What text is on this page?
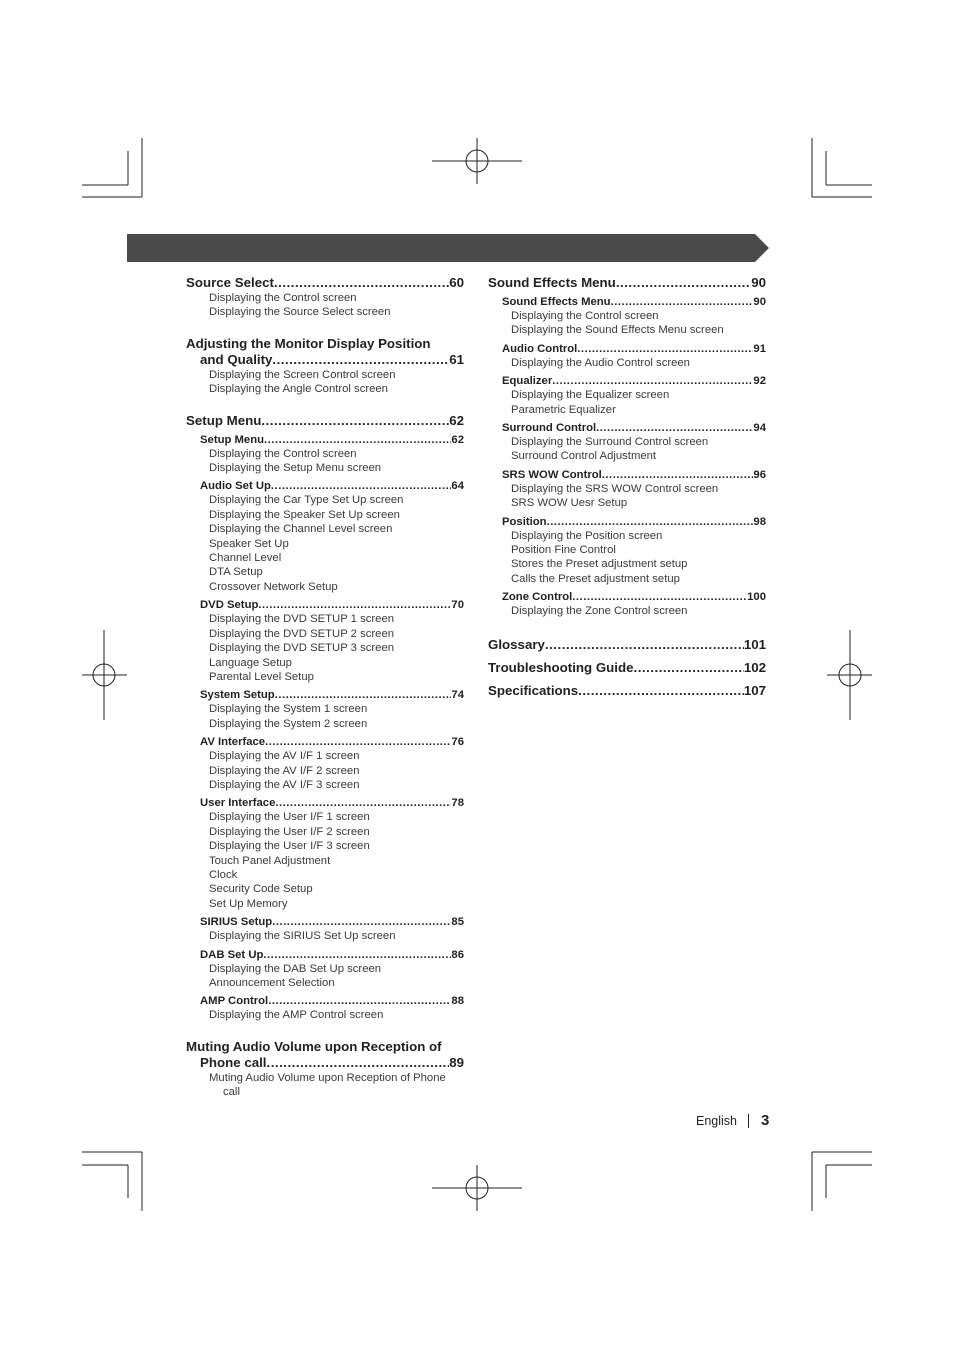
Source Select .....	60
Displaying the Control screen
Displaying the Source Select screen
Adjusting the Monitor Display Position
and Quality .....	61
Displaying the Screen Control screen
Displaying the Angle Control screen
Setup Menu .....	62
Setup Menu .....	62
Displaying the Control screen
Displaying the Setup Menu screen
Audio Set Up .....	64
Displaying the Car Type Set Up screen
Displaying the Speaker Set Up screen
Displaying the Channel Level screen
Speaker Set Up
Channel Level
DTA Setup
Crossover Network Setup
DVD Setup .....	70
Displaying the DVD SETUP 1 screen
Displaying the DVD SETUP 2 screen
Displaying the DVD SETUP 3 screen
Language Setup
Parental Level Setup
System Setup .....	74
Displaying the System 1 screen
Displaying the System 2 screen
AV Interface .....	76
Displaying the AV I/F 1 screen
Displaying the AV I/F 2 screen
Displaying the AV I/F 3 screen
User Interface .....	78
Displaying the User I/F 1 screen
Displaying the User I/F 2 screen
Displaying the User I/F 3 screen
Touch Panel Adjustment
Clock
Security Code Setup
Set Up Memory
SIRIUS Setup .....	85
Displaying the SIRIUS Set Up screen
DAB Set Up .....	86
Displaying the DAB Set Up screen
Announcement Selection
AMP Control .....	88
Displaying the AMP Control screen
Muting Audio Volume upon Reception of
Phone call .....	89
Muting Audio Volume upon Reception of Phone
call
Sound Effects Menu .....	90
Sound Effects Menu .....	90
Displaying the Control screen
Displaying the Sound Effects Menu screen
Audio Control .....	91
Displaying the Audio Control screen
Equalizer .....	92
Displaying the Equalizer screen
Parametric Equalizer
Surround Control .....	94
Displaying the Surround Control screen
Surround Control Adjustment
SRS WOW Control .....	96
Displaying the SRS WOW Control screen
SRS WOW Uesr Setup
Position .....	98
Displaying the Position screen
Position Fine Control
Stores the Preset adjustment setup
Calls the Preset adjustment setup
Zone Control .....	100
Displaying the Zone Control screen
Glossary .....	101
Troubleshooting Guide .....	102
Specifications .....	107
English 3
